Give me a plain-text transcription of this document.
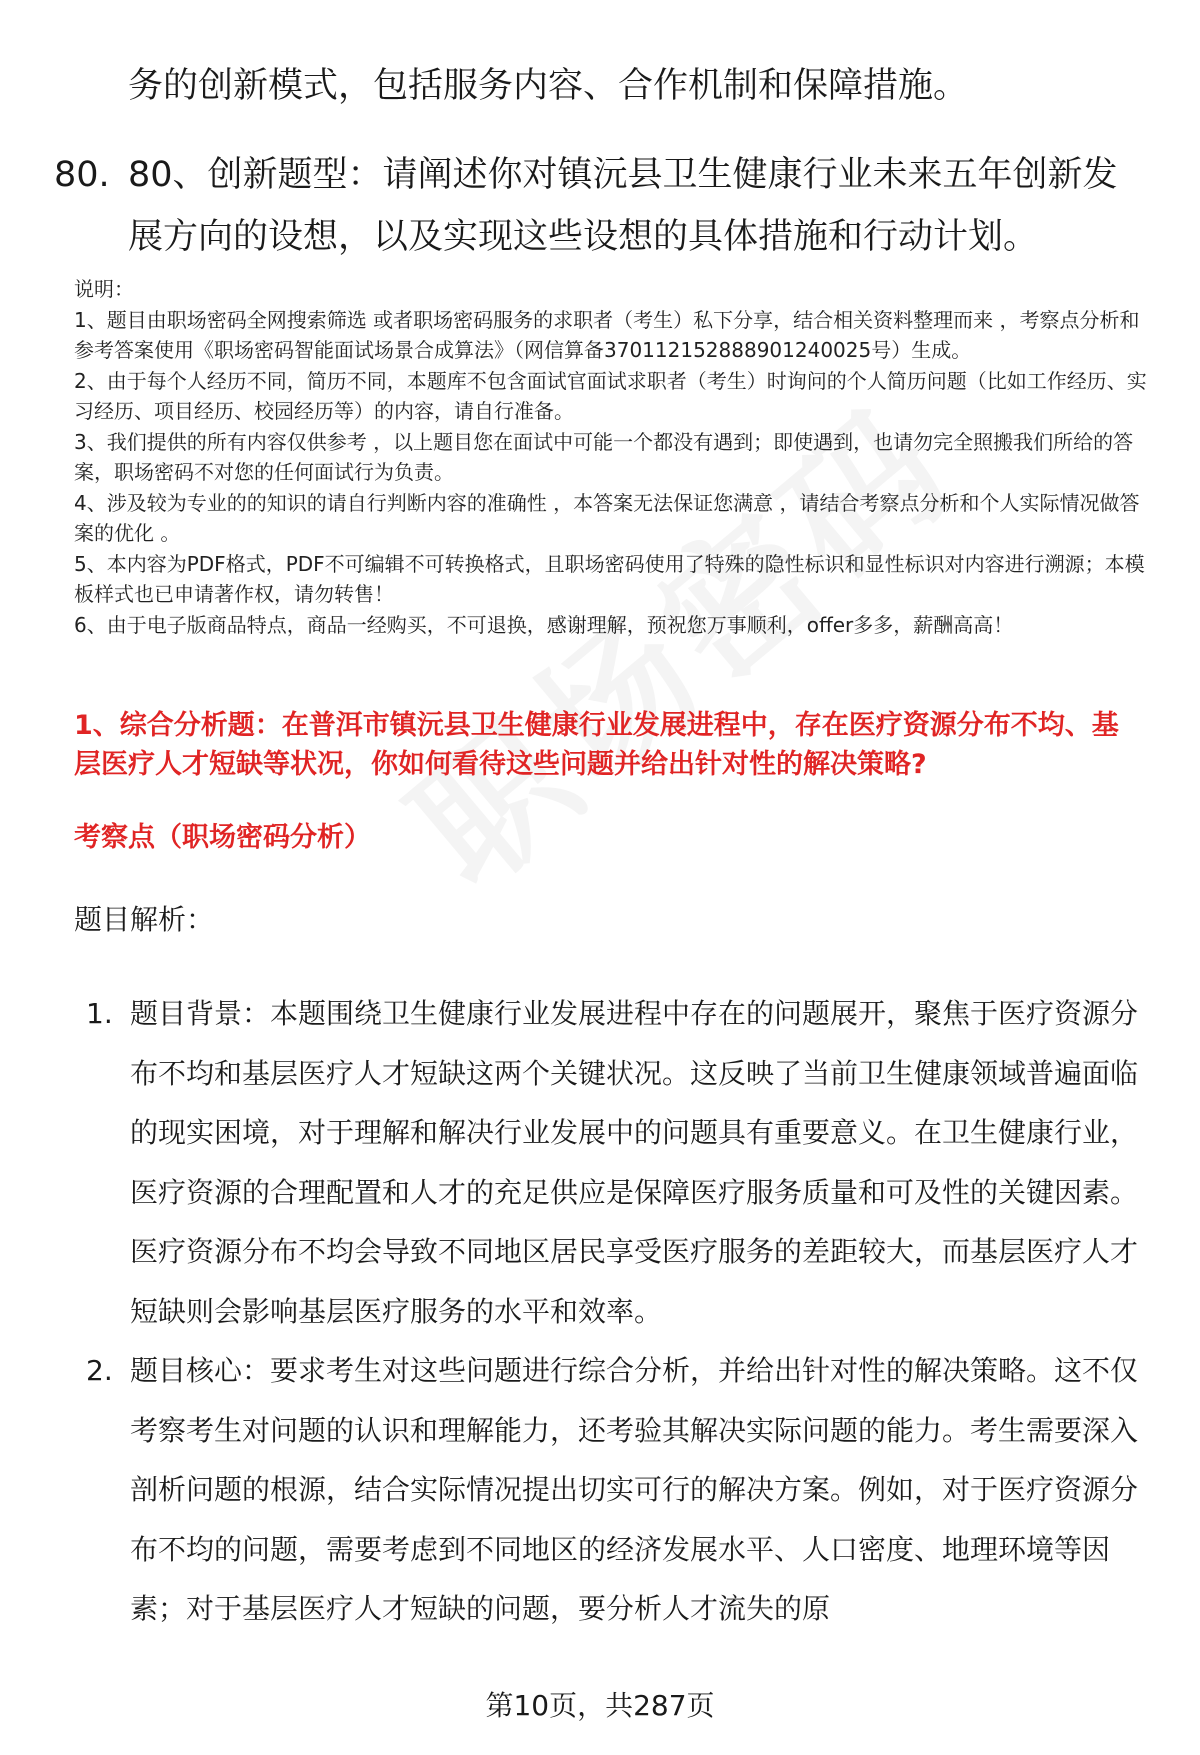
务的创新模式，包括服务内容、合作机制和保障措施。
80. 80、创新题型：请阐述你对镇沅县卫生健康行业未来五年创新发展方向的设想，以及实现这些设想的具体措施和行动计划。
说明：
1、题目由职场密码全网搜索筛选 或者职场密码服务的求职者（考生）私下分享，结合相关资料整理而来 ，考察点分析和参考答案使用《职场密码智能面试场景合成算法》（网信算备370112152888901240025号）生成。
2、由于每个人经历不同，简历不同，本题库不包含面试官面试求职者（考生）时询问的个人简历问题（比如工作经历、实习经历、项目经历、校园经历等）的内容，请自行准备。
3、我们提供的所有内容仅供参考 ，以上题目您在面试中可能一个都没有遇到；即使遇到，也请勿完全照搬我们所给的答案，职场密码不对您的任何面试行为负责。
4、涉及较为专业的的知识的请自行判断内容的准确性 ，本答案无法保证您满意 ，请结合考察点分析和个人实际情况做答案的优化 。
5、本内容为PDF格式，PDF不可编辑不可转换格式，且职场密码使用了特殊的隐性标识和显性标识对内容进行溯源；本模板样式也已申请著作权，请勿转售！
6、由于电子版商品特点，商品一经购买，不可退换，感谢理解，预祝您万事顺利，offer多多，薪酬高高！
1、综合分析题：在普洱市镇沅县卫生健康行业发展进程中，存在医疗资源分布不均、基层医疗人才短缺等状况，你如何看待这些问题并给出针对性的解决策略?
考察点（职场密码分析）
题目解析：
1. 题目背景：本题围绕卫生健康行业发展进程中存在的问题展开，聚焦于医疗资源分布不均和基层医疗人才短缺这两个关键状况。这反映了当前卫生健康领域普遍面临的现实困境，对于理解和解决行业发展中的问题具有重要意义。在卫生健康行业，医疗资源的合理配置和人才的充足供应是保障医疗服务质量和可及性的关键因素。医疗资源分布不均会导致不同地区居民享受医疗服务的差距较大，而基层医疗人才短缺则会影响基层医疗服务的水平和效率。
2. 题目核心：要求考生对这些问题进行综合分析，并给出针对性的解决策略。这不仅考察考生对问题的认识和理解能力，还考验其解决实际问题的能力。考生需要深入剖析问题的根源，结合实际情况提出切实可行的解决方案。例如，对于医疗资源分布不均的问题，需要考虑到不同地区的经济发展水平、人口密度、地理环境等因素；对于基层医疗人才短缺的问题，要分析人才流失的原
第10页，共287页
